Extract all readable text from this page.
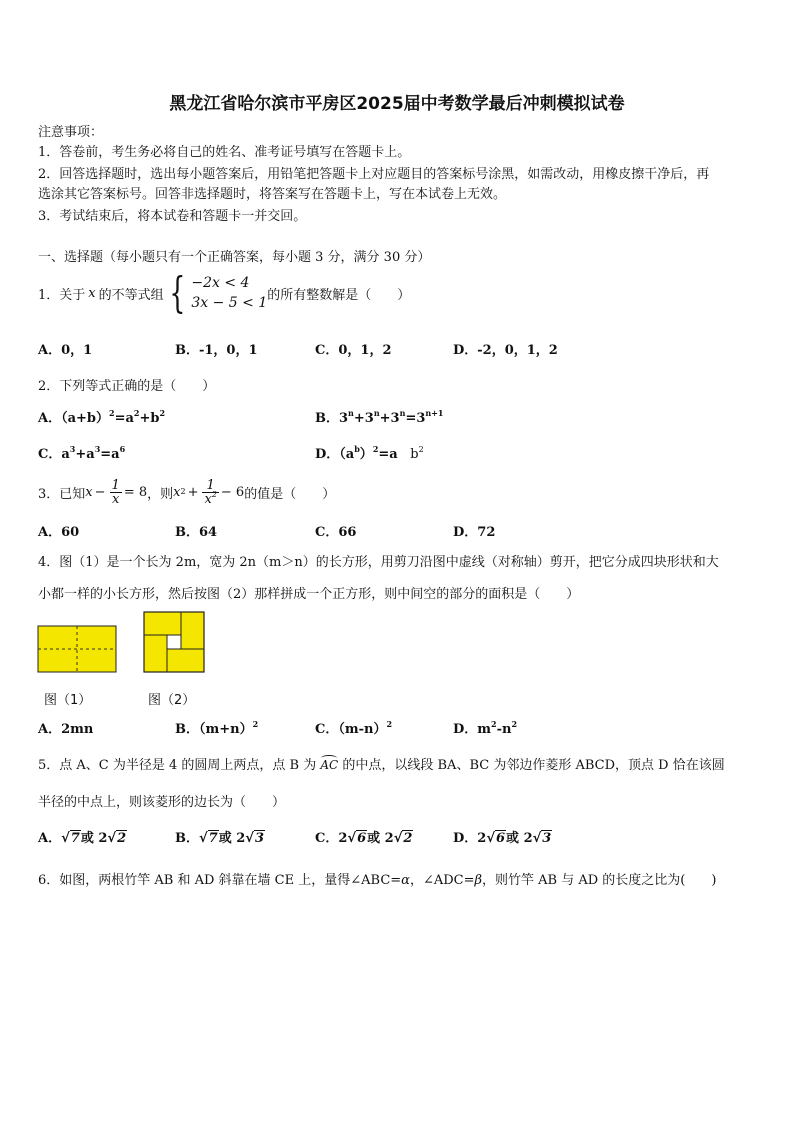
黑龙江省哈尔滨市平房区2025届中考数学最后冲刺模拟试卷
注意事项：
1．答卷前，考生务必将自己的姓名、准考证号填写在答题卡上。
2．回答选择题时，选出每小题答案后，用铅笔把答题卡上对应题目的答案标号涂黑，如需改动，用橡皮擦干净后，再
选涂其它答案标号。回答非选择题时，将答案写在答题卡上，写在本试卷上无效。
3．考试结束后，将本试卷和答题卡一并交回。
一、选择题（每小题只有一个正确答案，每小题 3 分，满分 30 分）
1．关于 x 的不等式组 { −2x < 4
3x − 5 < 1 的所有整数解是（　　）
A．0，1	B．-1，0，1	C．0，1，2	D．-2，0，1，2
2．下列等式正确的是（　　）
A．$(a+b)^2=a^2+b^2$	B．$3^n+3^n+3^n=3^{n+1}$
C．$a^3+a^3=a^6$	D．$(a^b)^2=a$ $b^2$
3．已知 $x - \frac{1}{x} = 8$ ，则 x $2 + \frac{1}{x^2} - 6$ 的值是（　　）
A．60	B．64	C．66	D．72
4．图（1）是一个长为 2m，宽为 2n（m＞n）的长方形，用剪刀沿图中虚线（对称轴）剪开，把它分成四块形状和大
小都一样的小长方形，然后按图（2）那样拼成一个正方形，则中间空的部分的面积是（　　）
图（1）	图（2）
A．2mn	B．$(m+n)^2$	C．$(m-n)^2$	D．$m^2-n^2$
5．点 A、C 为半径是 4 的圆周上两点，点 B 为 AC 的中点，以线段 BA、BC 为邻边作菱形 ABCD，顶点 D 恰在该圆
半径的中点上，则该菱形的边长为（　　）
A．√7或 2√2	B．√7或 2√3	C．2√6或 2√2	D．2√6或 2√3
6．如图，两根竹竿 AB 和 AD 斜靠在墙 CE 上，量得∠ABC=α，∠ADC=β，则竹竿 AB 与 AD 的长度之比为(　　)
